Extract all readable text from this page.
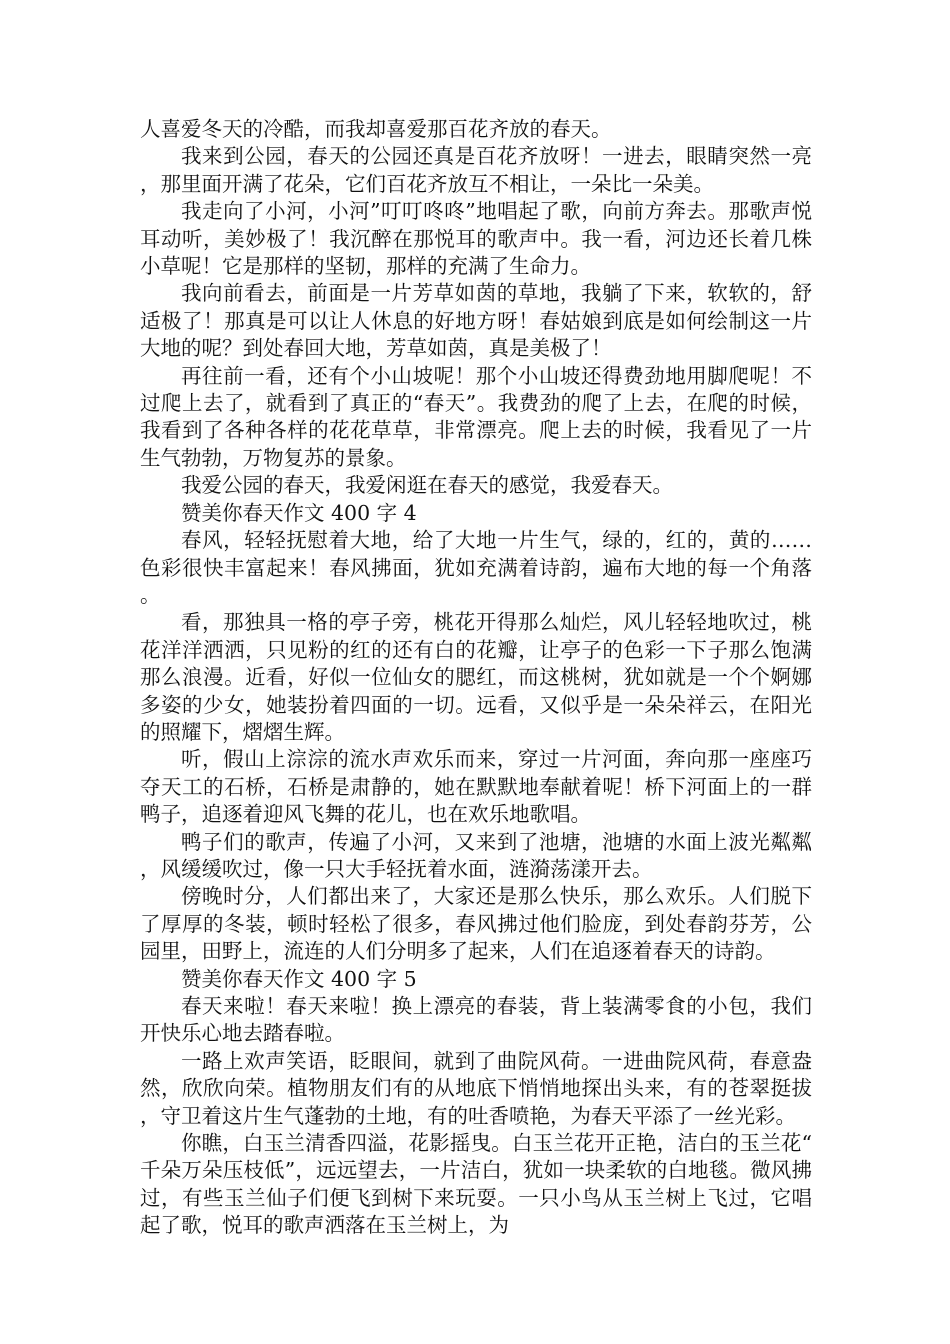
人喜爱冬天的冷酷，而我却喜爱那百花齐放的春天。

我来到公园，春天的公园还真是百花齐放呀！一进去，眼睛突然一亮，那里面开满了花朵，它们百花齐放互不相让，一朵比一朵美。

我走向了小河，小河”叮叮咚咚”地唱起了歌，向前方奔去。那歌声悦耳动听，美妙极了！我沉醉在那悦耳的歌声中。我一看，河边还长着几株小草呢！它是那样的坚韧，那样的充满了生命力。

我向前看去，前面是一片芳草如茵的草地，我躺了下来，软软的，舒适极了！那真是可以让人休息的好地方呀！春姑娘到底是如何绘制这一片大地的呢？到处春回大地，芳草如茵，真是美极了！

再往前一看，还有个小山坡呢！那个小山坡还得费劲地用脚爬呢！不过爬上去了，就看到了真正的“春天”。我费劲的爬了上去，在爬的时候，我看到了各种各样的花花草草，非常漂亮。爬上去的时候，我看见了一片生气勃勃，万物复苏的景象。

我爱公园的春天，我爱闲逛在春天的感觉，我爱春天。

赞美你春天作文 400 字 4

春风，轻轻抚慰着大地，给了大地一片生气，绿的，红的，黄的……色彩很快丰富起来！春风拂面，犹如充满着诗韵，遍布大地的每一个角落。

看，那独具一格的亭子旁，桃花开得那么灿烂，风儿轻轻地吹过，桃花洋洋洒洒，只见粉的红的还有白的花瓣，让亭子的色彩一下子那么饱满那么浪漫。近看，好似一位仙女的腮红，而这桃树，犹如就是一个个婀娜多姿的少女，她装扮着四面的一切。远看，又似乎是一朵朵祥云，在阳光的照耀下，熠熠生辉。

听，假山上淙淙的流水声欢乐而来，穿过一片河面，奔向那一座座巧夺天工的石桥，石桥是肃静的，她在默默地奉献着呢！桥下河面上的一群鸭子，追逐着迎风飞舞的花儿，也在欢乐地歌唱。

鸭子们的歌声，传遍了小河，又来到了池塘，池塘的水面上波光粼粼，风缓缓吹过，像一只大手轻抚着水面，涟漪荡漾开去。

傍晚时分，人们都出来了，大家还是那么快乐，那么欢乐。人们脱下了厚厚的冬装，顿时轻松了很多，春风拂过他们脸庞，到处春韵芬芳，公园里，田野上，流连的人们分明多了起来，人们在追逐着春天的诗韵。

赞美你春天作文 400 字 5

春天来啦！春天来啦！换上漂亮的春装，背上装满零食的小包，我们开快乐心地去踏春啦。

一路上欢声笑语，眨眼间，就到了曲院风荷。一进曲院风荷，春意盎然，欣欣向荣。植物朋友们有的从地底下悄悄地探出头来，有的苍翠挺拔，守卫着这片生气蓬勃的土地，有的吐香喷艳，为春天平添了一丝光彩。

你瞧，白玉兰清香四溢，花影摇曳。白玉兰花开正艳，洁白的玉兰花“千朵万朵压枝低”，远远望去，一片洁白，犹如一块柔软的白地毯。微风拂过，有些玉兰仙子们便飞到树下来玩耍。一只小鸟从玉兰树上飞过，它唱起了歌，悦耳的歌声洒落在玉兰树上，为
